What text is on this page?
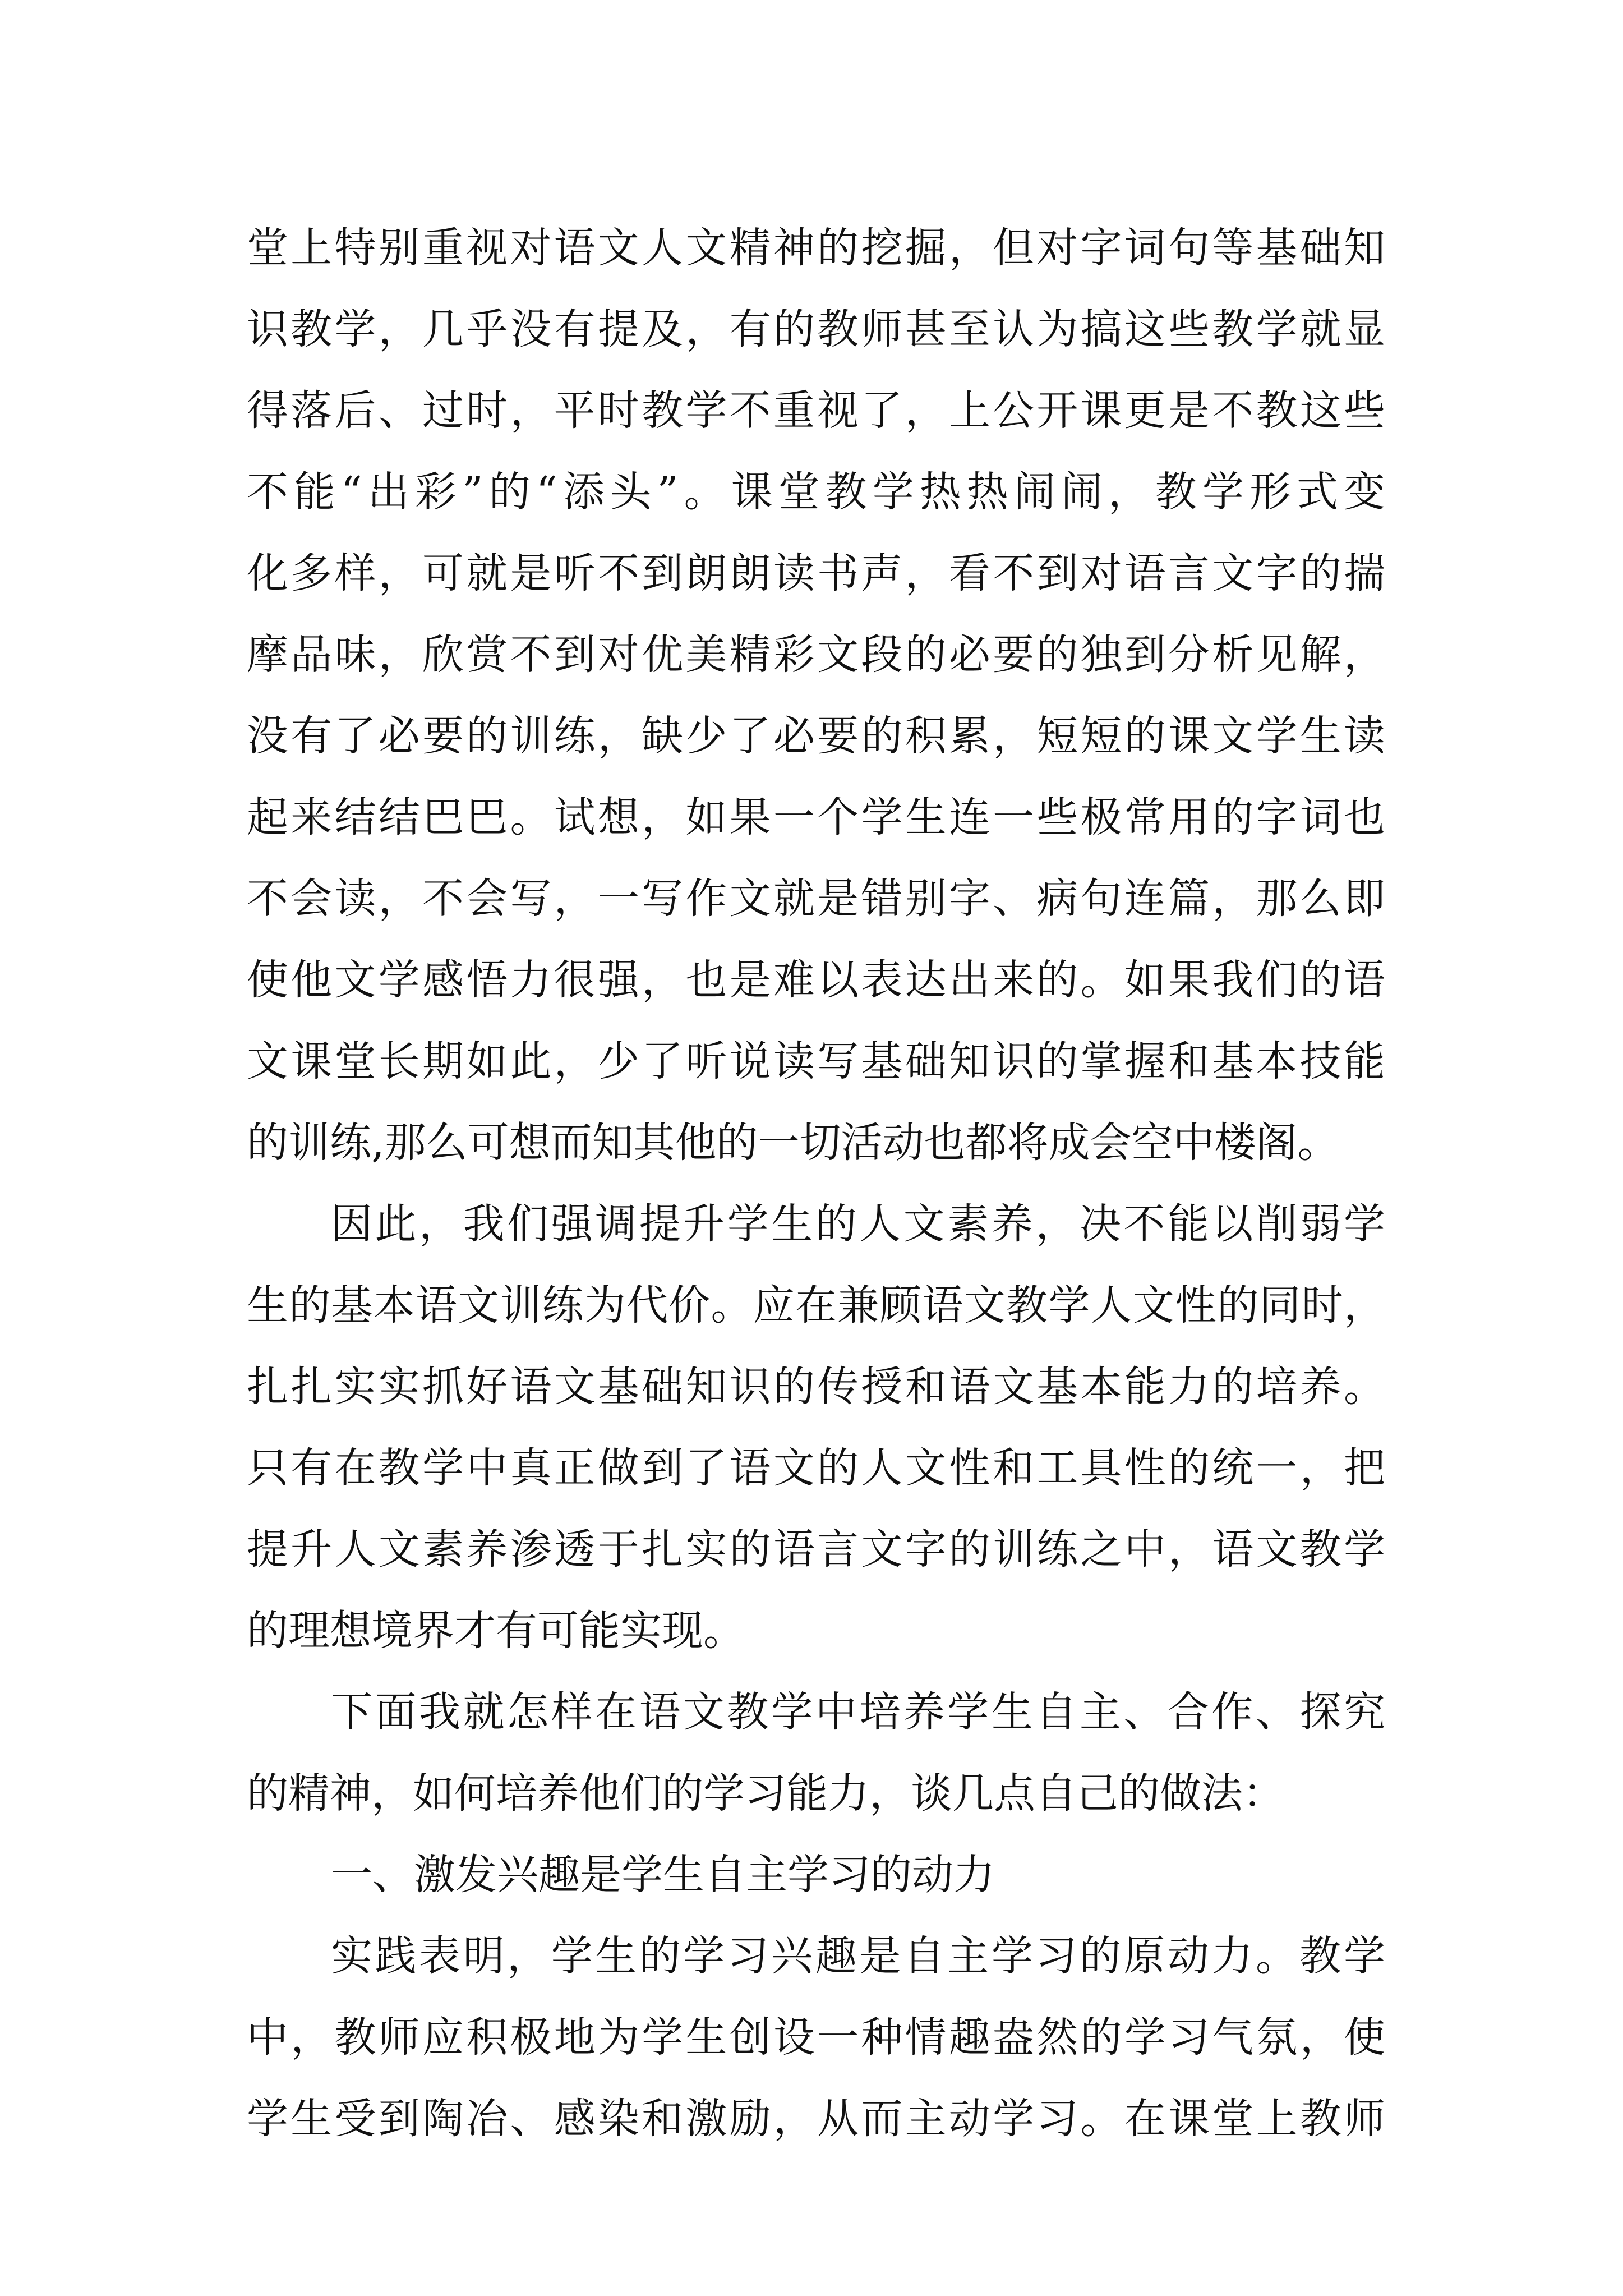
堂上特别重视对语文人文精神的挖掘，但对字词句等基础知
识教学，几乎没有提及，有的教师甚至认为搞这些教学就显
得落后、过时，平时教学不重视了，上公开课更是不教这些
不能“出彩”的“添头”。课堂教学热热闹闹，教学形式变
化多样，可就是听不到朗朗读书声，看不到对语言文字的揣
摩品味，欣赏不到对优美精彩文段的必要的独到分析见解，
没有了必要的训练，缺少了必要的积累，短短的课文学生读
起来结结巴巴。试想，如果一个学生连一些极常用的字词也
不会读，不会写，一写作文就是错别字、病句连篇，那么即
使他文学感悟力很强，也是难以表达出来的。如果我们的语
文课堂长期如此，少了听说读写基础知识的掌握和基本技能
的训练,那么可想而知其他的一切活动也都将成会空中楼阁。
因此，我们强调提升学生的人文素养，决不能以削弱学
生的基本语文训练为代价。应在兼顾语文教学人文性的同时，
扎扎实实抓好语文基础知识的传授和语文基本能力的培养。
只有在教学中真正做到了语文的人文性和工具性的统一，把
提升人文素养渗透于扎实的语言文字的训练之中，语文教学
的理想境界才有可能实现。
下面我就怎样在语文教学中培养学生自主、合作、探究
的精神，如何培养他们的学习能力，谈几点自己的做法：
一、激发兴趣是学生自主学习的动力
实践表明，学生的学习兴趣是自主学习的原动力。教学
中，教师应积极地为学生创设一种情趣盎然的学习气氛，使
学生受到陶冶、感染和激励，从而主动学习。在课堂上教师
